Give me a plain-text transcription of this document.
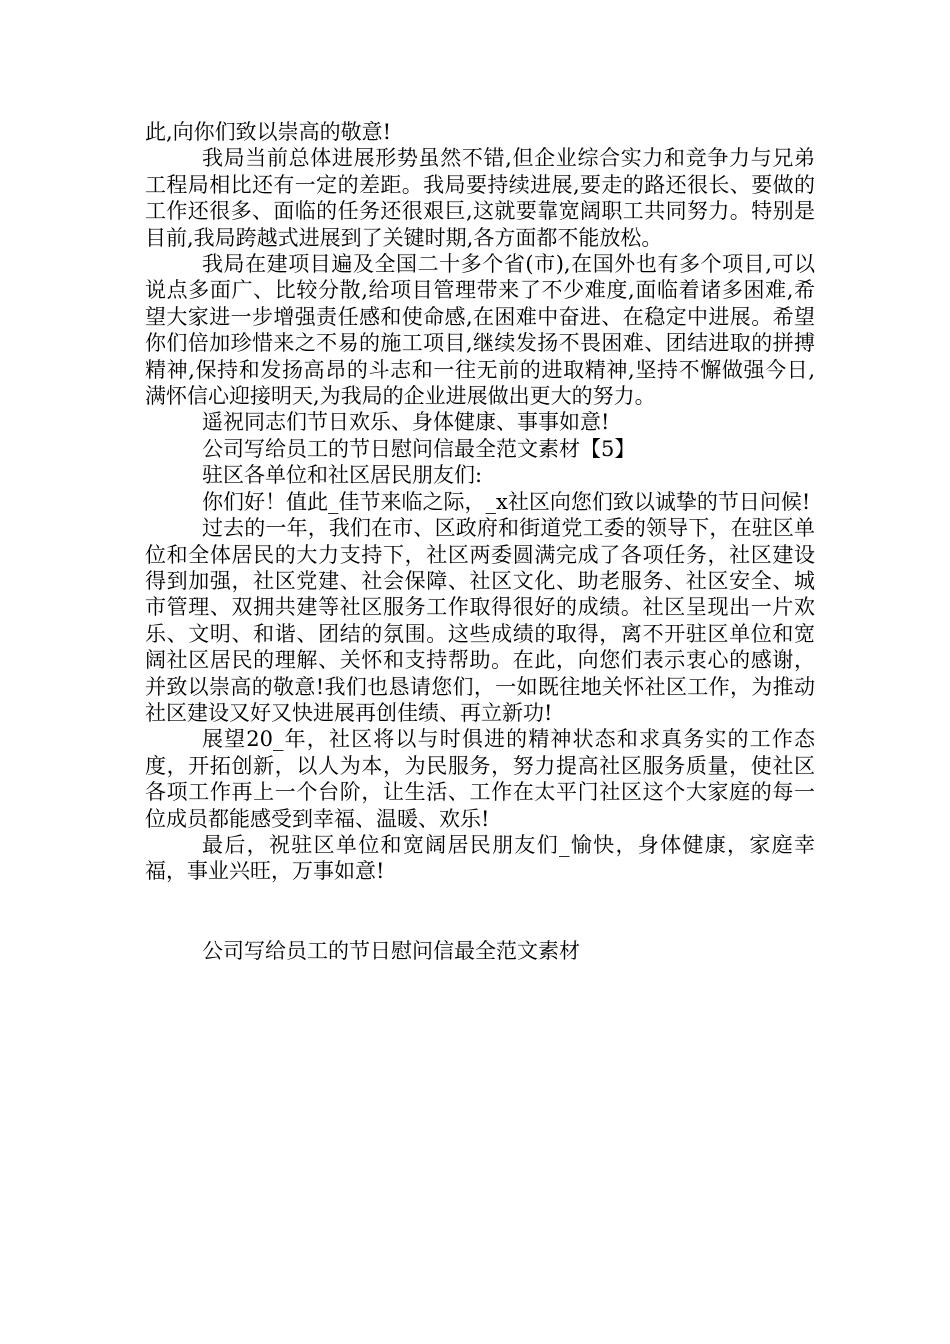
此,向你们致以崇高的敬意!

我局当前总体进展形势虽然不错,但企业综合实力和竞争力与兄弟工程局相比还有一定的差距。我局要持续进展,要走的路还很长、要做的工作还很多、面临的任务还很艰巨,这就要靠宽阔职工共同努力。特别是目前,我局跨越式进展到了关键时期,各方面都不能放松。

我局在建项目遍及全国二十多个省(市),在国外也有多个项目,可以说点多面广、比较分散,给项目管理带来了不少难度,面临着诸多困难,希望大家进一步增强责任感和使命感,在困难中奋进、在稳定中进展。希望你们倍加珍惜来之不易的施工项目,继续发扬不畏困难、团结进取的拼搏精神,保持和发扬高昂的斗志和一往无前的进取精神,坚持不懈做强今日,满怀信心迎接明天,为我局的企业进展做出更大的努力。

遥祝同志们节日欢乐、身体健康、事事如意!

公司写给员工的节日慰问信最全范文素材【5】

驻区各单位和社区居民朋友们:

你们好！值此_佳节来临之际，_x社区向您们致以诚挚的节日问候!

过去的一年，我们在市、区政府和街道党工委的领导下，在驻区单位和全体居民的大力支持下，社区两委圆满完成了各项任务，社区建设得到加强，社区党建、社会保障、社区文化、助老服务、社区安全、城市管理、双拥共建等社区服务工作取得很好的成绩。社区呈现出一片欢乐、文明、和谐、团结的氛围。这些成绩的取得，离不开驻区单位和宽阔社区居民的理解、关怀和支持帮助。在此，向您们表示衷心的感谢，并致以崇高的敬意!我们也恳请您们，一如既往地关怀社区工作，为推动社区建设又好又快进展再创佳绩、再立新功!

展望20_年，社区将以与时俱进的精神状态和求真务实的工作态度，开拓创新，以人为本，为民服务，努力提高社区服务质量，使社区各项工作再上一个台阶，让生活、工作在太平门社区这个大家庭的每一位成员都能感受到幸福、温暖、欢乐!

最后，祝驻区单位和宽阔居民朋友们_愉快，身体健康，家庭幸福，事业兴旺，万事如意!

公司写给员工的节日慰问信最全范文素材
